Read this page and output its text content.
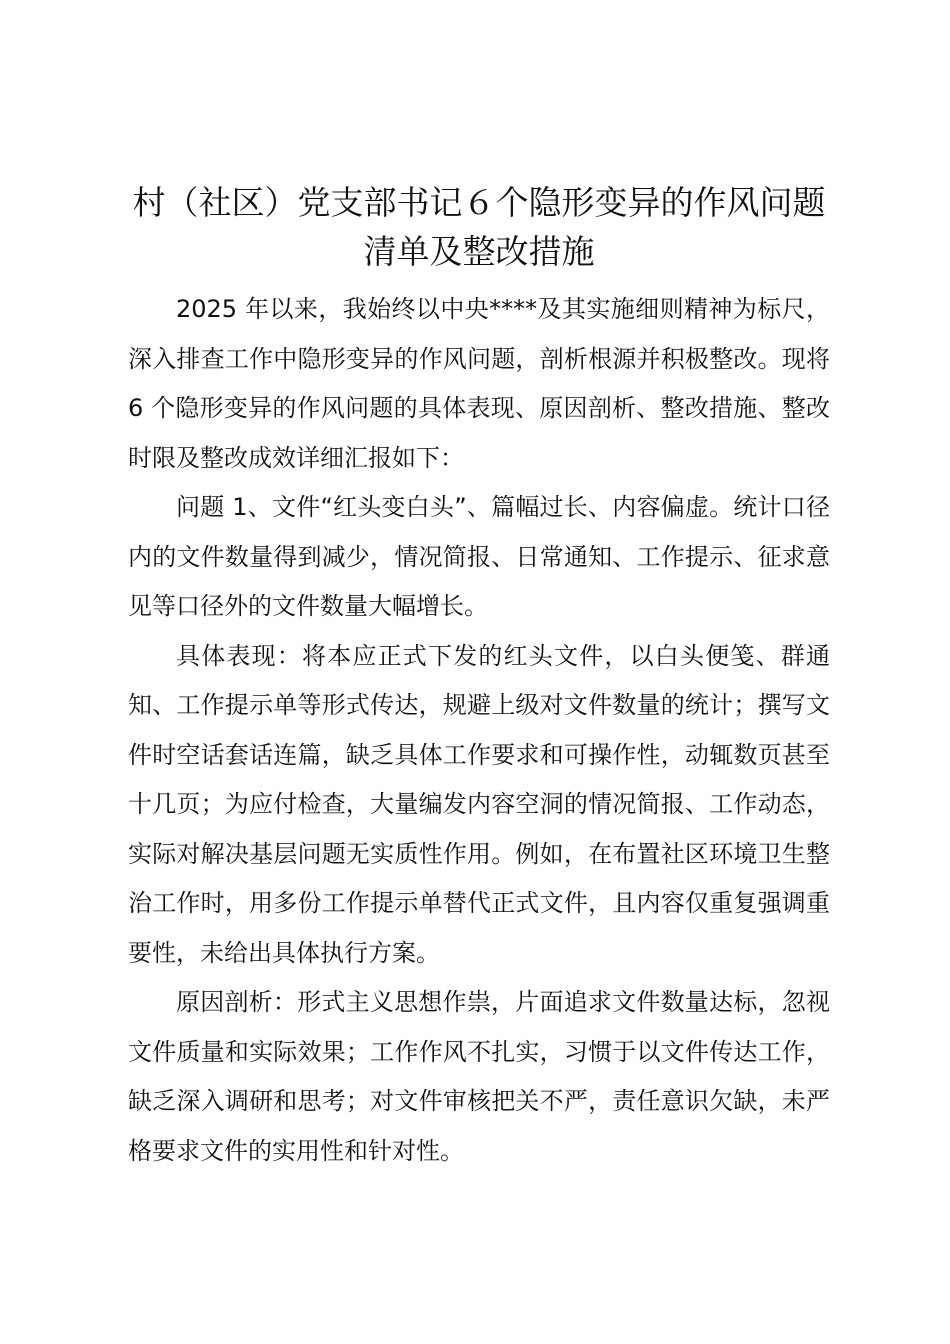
村（社区）党支部书记６个隐形变异的作风问题清单及整改措施

2025 年以来，我始终以中央****及其实施细则精神为标尺，深入排查工作中隐形变异的作风问题，剖析根源并积极整改。现将 6 个隐形变异的作风问题的具体表现、原因剖析、整改措施、整改时限及整改成效详细汇报如下：

问题 1、文件“红头变白头”、篇幅过长、内容偏虚。统计口径内的文件数量得到减少，情况简报、日常通知、工作提示、征求意见等口径外的文件数量大幅增长。

具体表现：将本应正式下发的红头文件，以白头便笺、群通知、工作提示单等形式传达，规避上级对文件数量的统计；撰写文件时空话套话连篇，缺乏具体工作要求和可操作性，动辄数页甚至十几页；为应付检查，大量编发内容空洞的情况简报、工作动态，实际对解决基层问题无实质性作用。例如，在布置社区环境卫生整治工作时，用多份工作提示单替代正式文件，且内容仅重复强调重要性，未给出具体执行方案。

原因剖析：形式主义思想作祟，片面追求文件数量达标，忽视文件质量和实际效果；工作作风不扎实，习惯于以文件传达工作，缺乏深入调研和思考；对文件审核把关不严，责任意识欠缺，未严格要求文件的实用性和针对性。
